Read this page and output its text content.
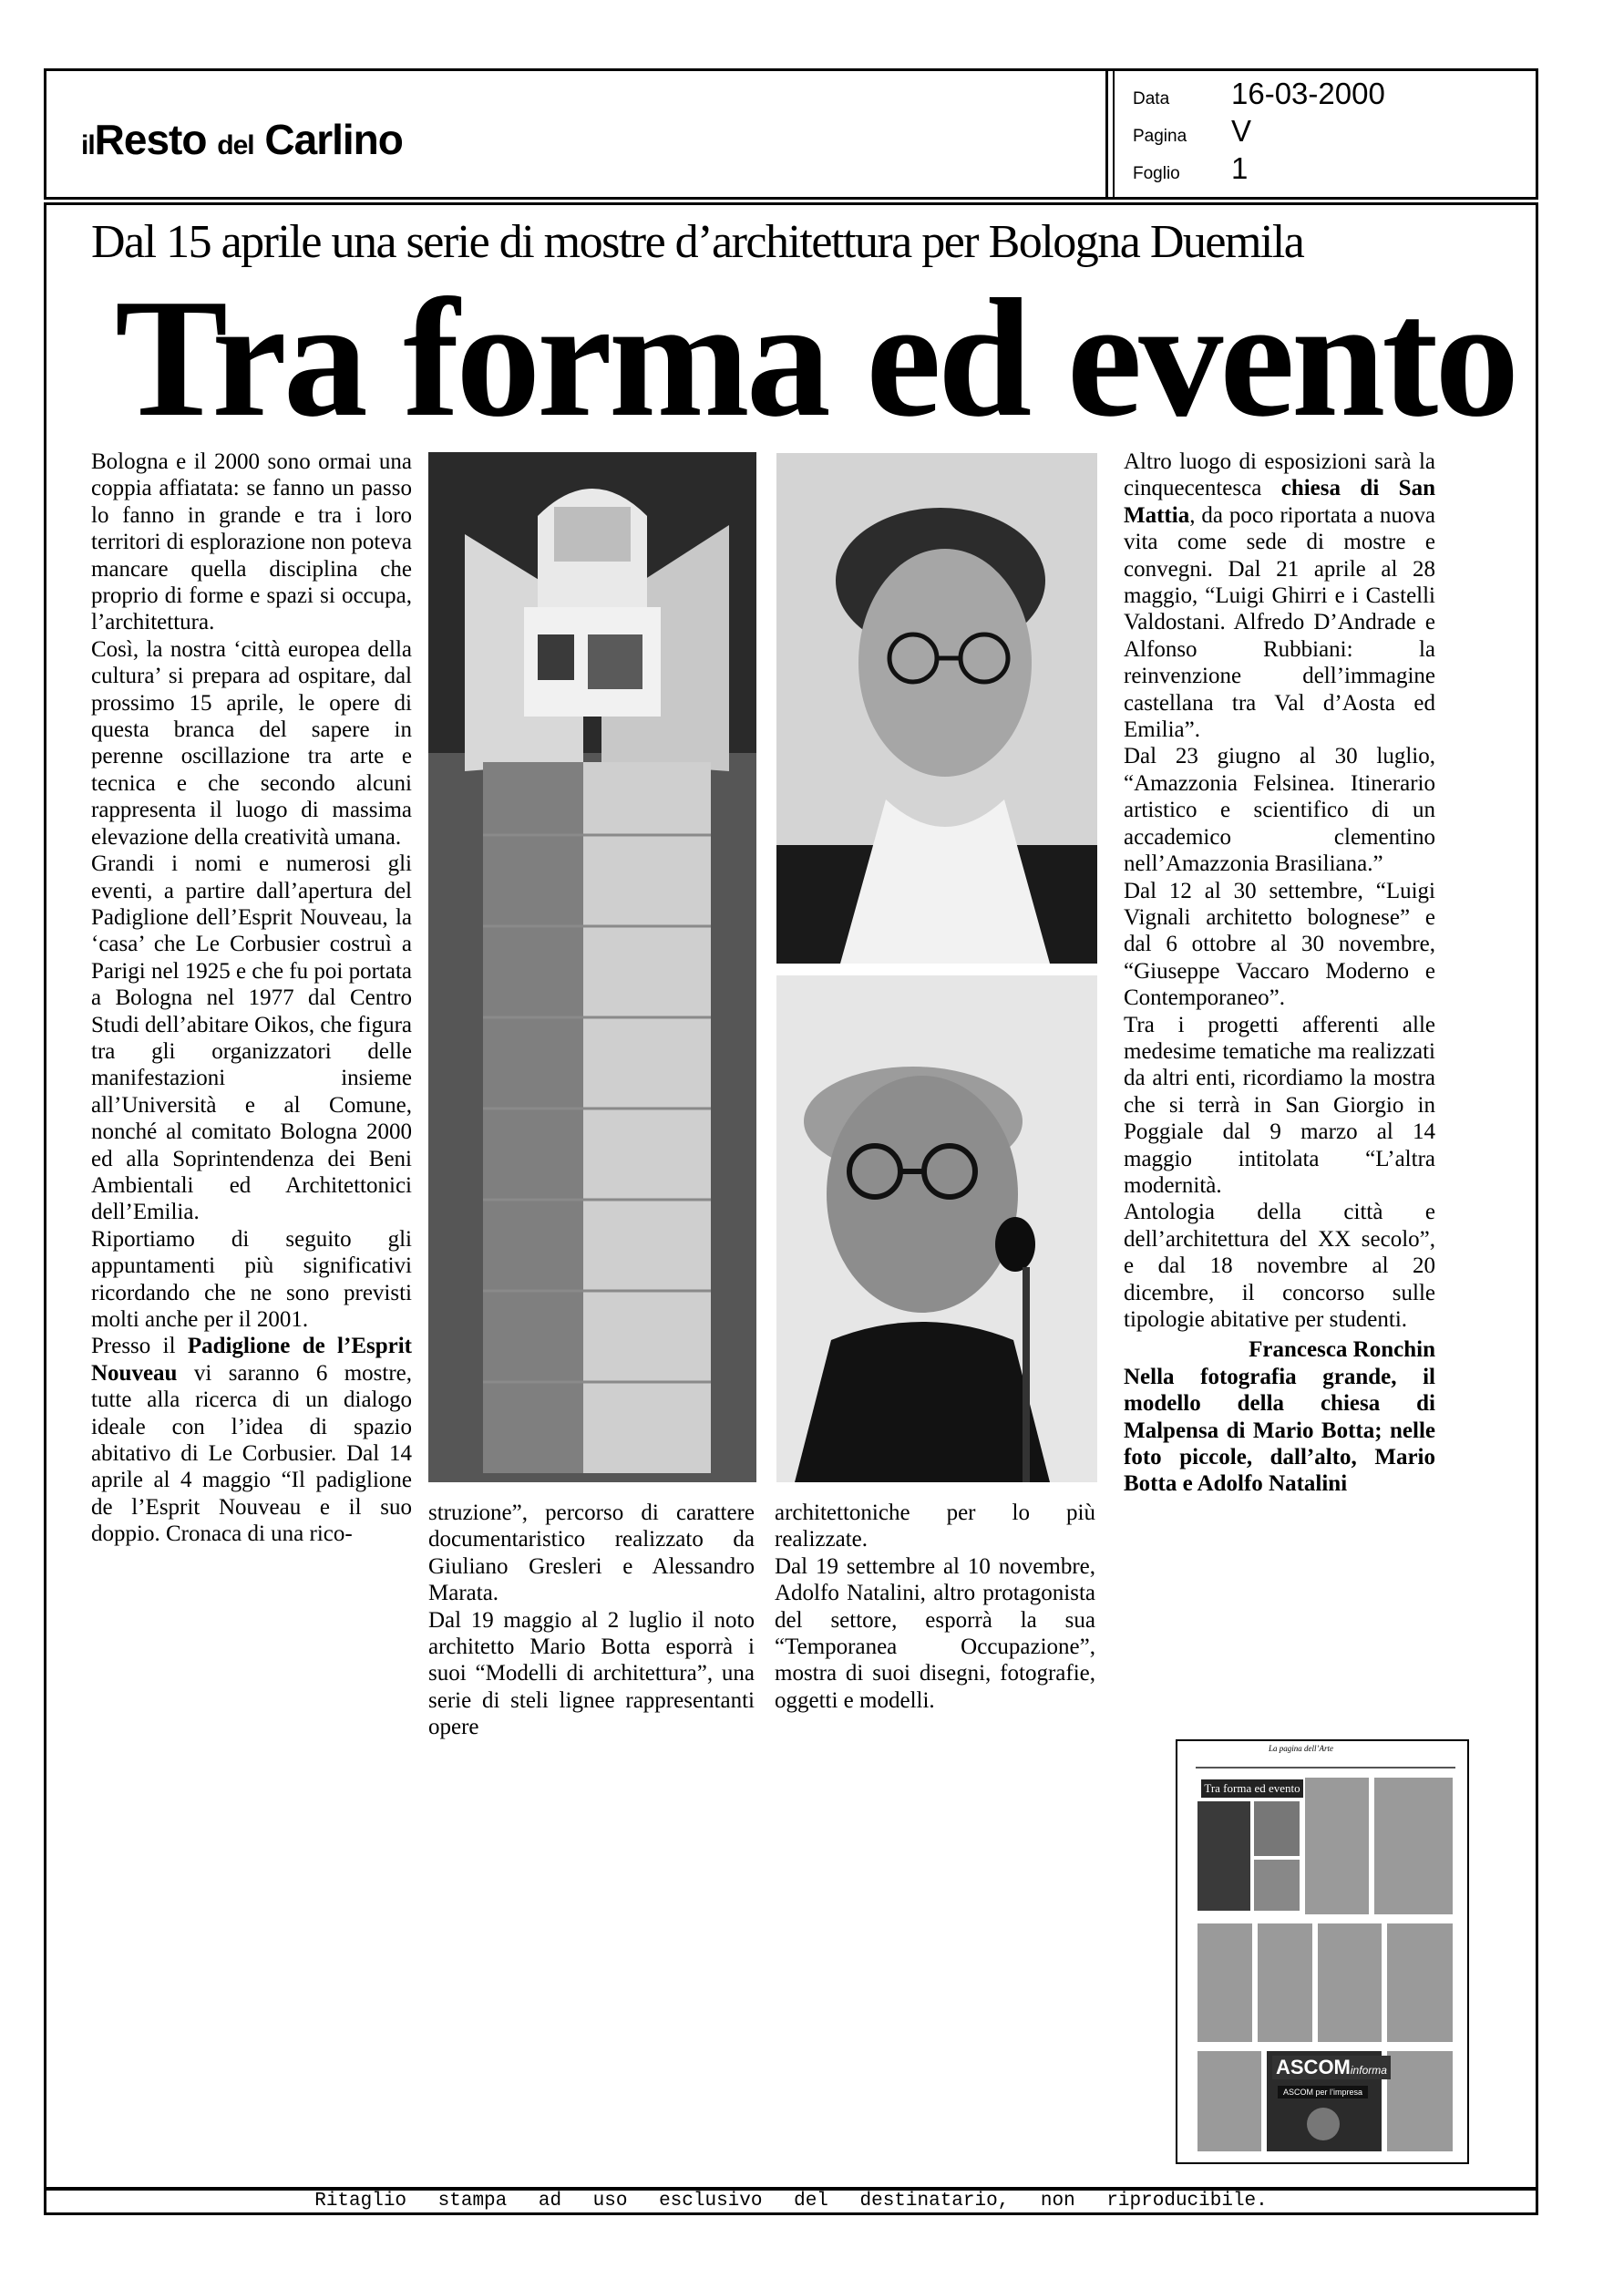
ilResto del Carlino
Data 16-03-2000
Pagina V
Foglio 1
Dal 15 aprile una serie di mostre d’architettura per Bologna Duemila
Tra forma ed evento

Bologna e il 2000 sono ormai una coppia affiatata: se fanno un passo lo fanno in grande e tra i loro territori di esplorazione non poteva mancare quella disciplina che proprio di forme e spazi si occupa, l’architettura.

Così, la nostra ‘città europea della cultura’ si prepara ad ospitare, dal prossimo 15 aprile, le opere di questa branca del sapere in perenne oscillazione tra arte e tecnica e che secondo alcuni rappresenta il luogo di massima elevazione della creatività umana.

Grandi i nomi e numerosi gli eventi, a partire dall’apertura del Padiglione dell’Esprit Nouveau, la ‘casa’ che Le Corbusier costruì a Parigi nel 1925 e che fu poi portata a Bologna nel 1977 dal Centro Studi dell’abitare Oikos, che figura tra gli organizzatori delle manifestazioni insieme all’Università e al Comune, nonché al comitato Bologna 2000 ed alla Soprintendenza dei Beni Ambientali ed Architettonici dell’Emilia.

Riportiamo di seguito gli appuntamenti più significativi ricordando che ne sono previsti molti anche per il 2001.

Presso il Padiglione de l’Esprit Nouveau vi saranno 6 mostre, tutte alla ricerca di un dialogo ideale con l’idea di spazio abitativo di Le Corbusier. Dal 14 aprile al 4 maggio “Il padiglione de l’Esprit Nouveau e il suo doppio. Cronaca di una rico-

struzione”, percorso di carattere documentaristico realizzato da Giuliano Gresleri e Alessandro Marata.

Dal 19 maggio al 2 luglio il noto architetto Mario Botta esporrà i suoi “Modelli di architettura”, una serie di steli lignee rappresentanti opere

architettoniche per lo più realizzate.

Dal 19 settembre al 10 novembre, Adolfo Natalini, altro protagonista del settore, esporrà la sua “Temporanea Occupazione”, mostra di suoi disegni, fotografie, oggetti e modelli.

Altro luogo di esposizioni sarà la cinquecentesca chiesa di San Mattia, da poco riportata a nuova vita come sede di mostre e convegni. Dal 21 aprile al 28 maggio, “Luigi Ghirri e i Castelli Valdostani. Alfredo D’Andrade e Alfonso Rubbiani: la reinvenzione dell’immagine castellana tra Val d’Aosta ed Emilia”.

Dal 23 giugno al 30 luglio, “Amazzonia Felsinea. Itinerario artistico e scientifico di un accademico clementino nell’Amazzonia Brasiliana.”

Dal 12 al 30 settembre, “Luigi Vignali architetto bolognese” e dal 6 ottobre al 30 novembre, “Giuseppe Vaccaro Moderno e Contemporaneo”.

Tra i progetti afferenti alle medesime tematiche ma realizzati da altri enti, ricordiamo la mostra che si terrà in San Giorgio in Poggiale dal 9 marzo al 14 maggio intitolata “L’altra modernità.

Antologia della città e dell’architettura del XX secolo”, e dal 18 novembre al 20 dicembre, il concorso sulle tipologie abitative per studenti.

Francesca Ronchin

Nella fotografia grande, il modello della chiesa di Malpensa di Mario Botta; nelle foto piccole, dall’alto, Mario Botta e Adolfo Natalini

La pagina dell’Arte
Tra forma ed evento
ASCOMinforma
ASCOM per l’impresa
Ritaglio stampa ad uso esclusivo del destinatario, non riproducibile.
